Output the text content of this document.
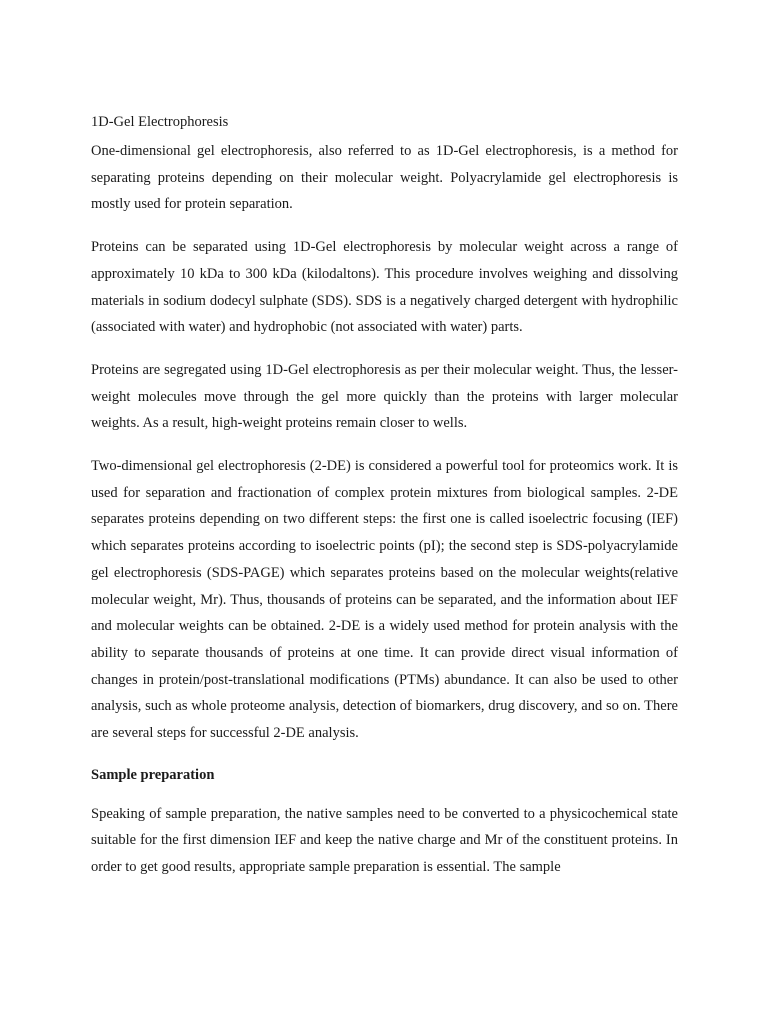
1D-Gel Electrophoresis

One-dimensional gel electrophoresis, also referred to as 1D-Gel electrophoresis, is a method for separating proteins depending on their molecular weight. Polyacrylamide gel electrophoresis is mostly used for protein separation.

Proteins can be separated using 1D-Gel electrophoresis by molecular weight across a range of approximately 10 kDa to 300 kDa (kilodaltons). This procedure involves weighing and dissolving materials in sodium dodecyl sulphate (SDS). SDS is a negatively charged detergent with hydrophilic (associated with water) and hydrophobic (not associated with water) parts.

Proteins are segregated using 1D-Gel electrophoresis as per their molecular weight. Thus, the lesser-weight molecules move through the gel more quickly than the proteins with larger molecular weights. As a result, high-weight proteins remain closer to wells.

Two-dimensional gel electrophoresis (2-DE) is considered a powerful tool for proteomics work. It is used for separation and fractionation of complex protein mixtures from biological samples. 2-DE separates proteins depending on two different steps: the first one is called isoelectric focusing (IEF) which separates proteins according to isoelectric points (pI); the second step is SDS-polyacrylamide gel electrophoresis (SDS-PAGE) which separates proteins based on the molecular weights(relative molecular weight, Mr). Thus, thousands of proteins can be separated, and the information about IEF and molecular weights can be obtained. 2-DE is a widely used method for protein analysis with the ability to separate thousands of proteins at one time. It can provide direct visual information of changes in protein/post-translational modifications (PTMs) abundance. It can also be used to other analysis, such as whole proteome analysis, detection of biomarkers, drug discovery, and so on. There are several steps for successful 2-DE analysis.

Sample preparation

Speaking of sample preparation, the native samples need to be converted to a physicochemical state suitable for the first dimension IEF and keep the native charge and Mr of the constituent proteins. In order to get good results, appropriate sample preparation is essential. The sample
